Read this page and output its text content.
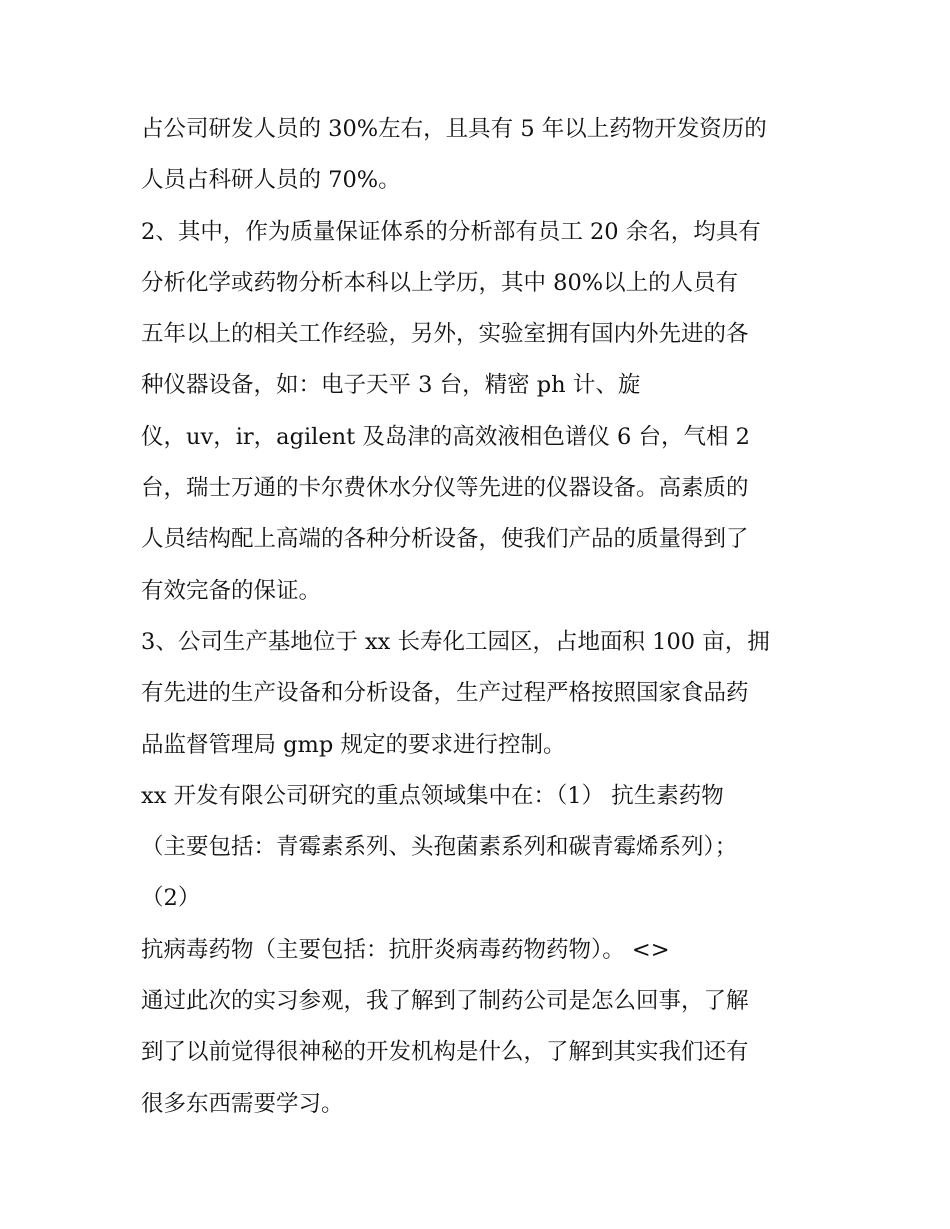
占公司研发人员的 30%左右，且具有 5 年以上药物开发资历的
人员占科研人员的 70%。
2、其中，作为质量保证体系的分析部有员工 20 余名，均具有
分析化学或药物分析本科以上学历，其中 80%以上的人员有
五年以上的相关工作经验，另外，实验室拥有国内外先进的各
种仪器设备，如：电子天平 3 台，精密 ph 计、旋
仪，uv，ir，agilent 及岛津的高效液相色谱仪 6 台，气相 2
台，瑞士万通的卡尔费休水分仪等先进的仪器设备。高素质的
人员结构配上高端的各种分析设备，使我们产品的质量得到了
有效完备的保证。
3、公司生产基地位于 xx 长寿化工园区，占地面积 100 亩，拥
有先进的生产设备和分析设备，生产过程严格按照国家食品药
品监督管理局 gmp 规定的要求进行控制。
xx 开发有限公司研究的重点领域集中在：（1） 抗生素药物
（主要包括：青霉素系列、头孢菌素系列和碳青霉烯系列）；
（2）
抗病毒药物（主要包括：抗肝炎病毒药物药物）。 <>
通过此次的实习参观，我了解到了制药公司是怎么回事，了解
到了以前觉得很神秘的开发机构是什么，了解到其实我们还有
很多东西需要学习。
